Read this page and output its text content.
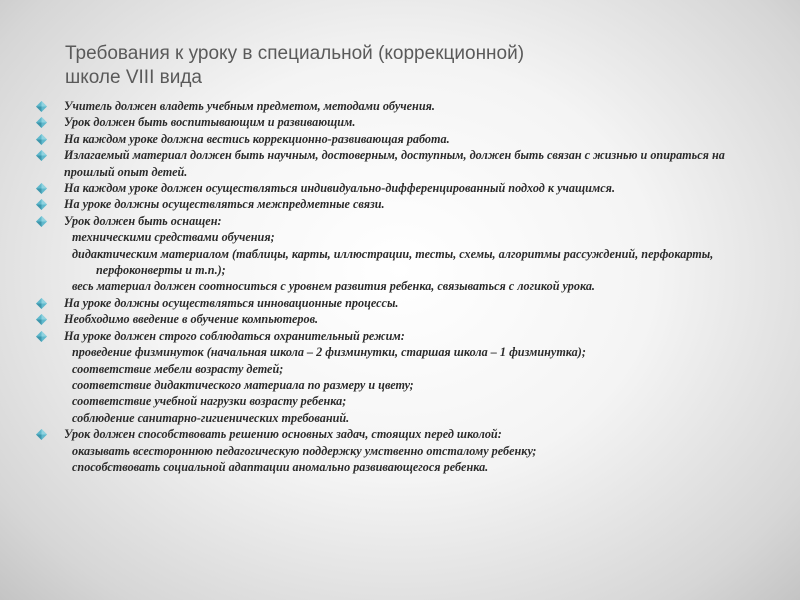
Требования к уроку в специальной (коррекционной)
школе VIII вида
Учитель должен владеть учебным предметом, методами обучения.
Урок должен быть воспитывающим и развивающим.
На каждом уроке должна вестись коррекционно-развивающая работа.
Излагаемый материал должен быть научным, достоверным, доступным, должен быть связан с жизнью и опираться на прошлый опыт детей.
На каждом уроке должен осуществляться индивидуально-дифференцированный подход к учащимся.
На уроке должны осуществляться межпредметные связи.
Урок должен быть оснащен:
техническими средствами обучения;
дидактическим материалом (таблицы, карты, иллюстрации, тесты, схемы, алгоритмы рассуждений, перфокарты, перфоконверты и т.п.);
весь материал должен соотноситься с уровнем развития ребенка, связываться с логикой урока.
На уроке должны осуществляться инновационные процессы.
Необходимо введение в обучение компьютеров.
На уроке должен строго соблюдаться охранительный режим:
проведение физминуток (начальная школа – 2 физминутки, старшая школа – 1 физминутка);
соответствие мебели возрасту детей;
соответствие дидактического материала по размеру и цвету;
соответствие учебной нагрузки возрасту ребенка;
соблюдение санитарно-гигиенических требований.
Урок должен способствовать решению основных задач, стоящих перед школой:
оказывать всестороннюю педагогическую поддержку умственно отсталому ребенку;
способствовать социальной адаптации аномально развивающегося ребенка.
